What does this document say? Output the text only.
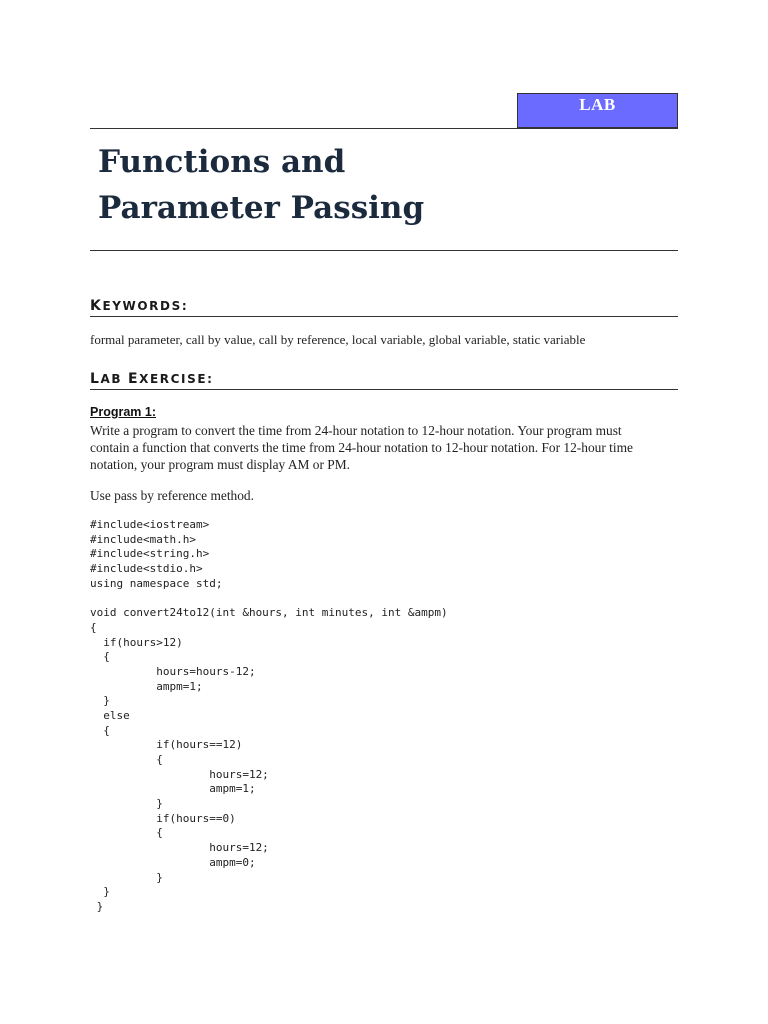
LAB
Functions and
Parameter Passing
KEYWORDS:
formal parameter, call by value, call by reference, local variable, global variable, static variable
LAB EXERCISE:
Program 1:
Write a program to convert the time from 24-hour notation to 12-hour notation. Your program must
contain a function that converts the time from 24-hour notation to 12-hour notation. For 12-hour time
notation, your program must display AM or PM.
Use pass by reference method.
#include<iostream>
#include<math.h>
#include<string.h>
#include<stdio.h>
using namespace std;
void convert24to12(int &hours, int minutes, int &ampm)
{
if(hours>12)
{
hours=hours-12;
ampm=1;
}
else
{
if(hours==12)
{
hours=12;
ampm=1;
}
if(hours==0)
{
hours=12;
ampm=0;
}
}
}
